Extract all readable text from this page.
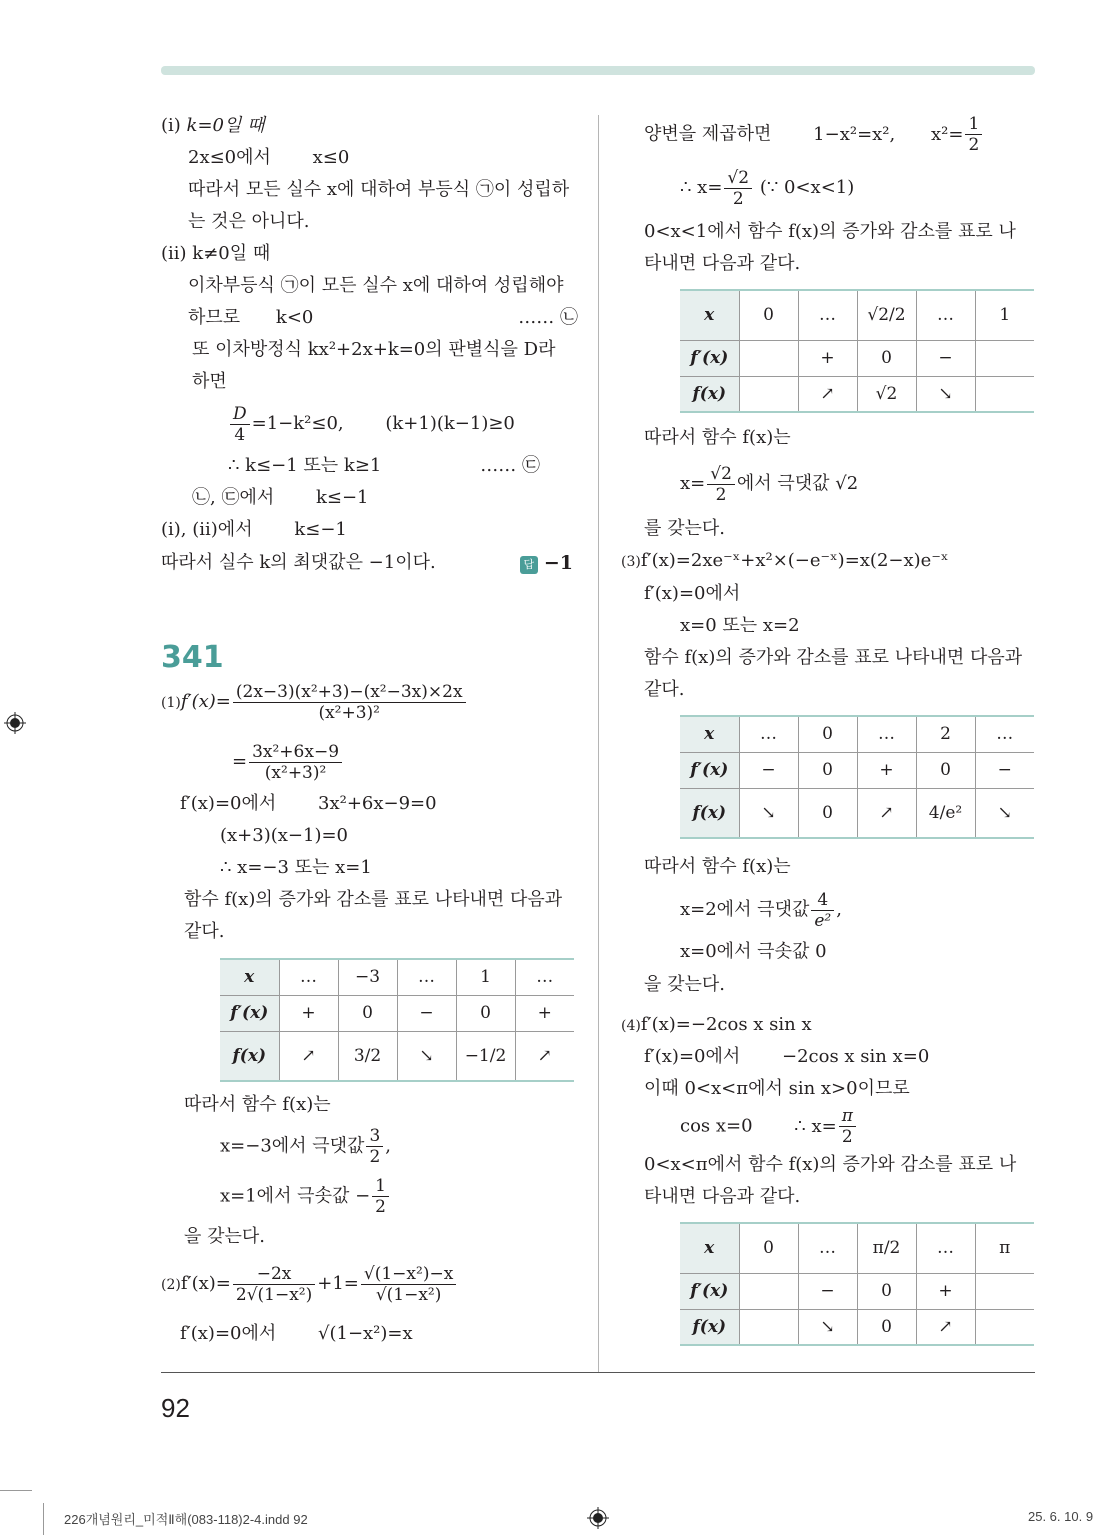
(i) k=0일 때
2x≤0에서 x≤0
따라서 모든 실수 x에 대하여 부등식 ㉠이 성립하
는 것은 아니다.
(ii) k≠0일 때
이차부등식 ㉠이 모든 실수 x에 대하여 성립해야
하므로 k<0	…… ㉡
또 이차방정식 kx²+2x+k=0의 판별식을 D라
하면
$\frac{D}{4} =1-k^2\le 0$, (k+1)(k−1)≥0
∴ k≤−1 또는 k≥1	…… ㉢
㉡, ㉢에서 k≤−1
(i), (ii)에서 k≤−1
따라서 실수 k의 최댓값은 −1이다.	답 −1
341
$(1)f'(x)= \frac{\text{(2x−3)(x²+3)−(x²−3x)×2x}}{\text{(x²+3)²}}$
= $\frac{\text{3x²+6x−9}}{\text{(x²+3)²}}$
f′(x)=0에서 3x²+6x−9=0
(x+3)(x−1)=0
∴ x=−3 또는 x=1
함수 f(x)의 증가와 감소를 표로 나타내면 다음과
같다.
x	…	−3	…	1	…
f′(x)	+	0	−	0	+
f(x)	↗	3/2	↘	−1/2	↗
따라서 함수 f(x)는
x=−3에서 극댓값 $\frac{3}{2}$ ,
x=1에서 극솟값 − $\frac{1}{2}$
을 갖는다.
$(2)f'(x)= \frac{-2x}{\text{2√(1−x²)}} +1= \frac{\text{√(1−x²)−x}}{\text{√(1−x²)}}$
f′(x)=0에서 √(1−x²)=x
양변을 제곱하면 1−x²=x², $x^2= \frac{1}{2}$
∴ $x= \frac{√2}{2}$ (∵ 0<x<1)
0<x<1에서 함수 f(x)의 증가와 감소를 표로 나
타내면 다음과 같다.
x	0	…	√2/2	…	1
f′(x)		+	0	−	
f(x)		↗	√2	↘	
따라서 함수 f(x)는
$x= \frac{√2}{2}$ 에서 극댓값 √2
를 갖는다.
(3)f′(x)=2xe⁻ˣ+x²×(−e⁻ˣ)=x(2−x)e⁻ˣ
f′(x)=0에서
x=0 또는 x=2
함수 f(x)의 증가와 감소를 표로 나타내면 다음과
같다.
x	…	0	…	2	…
f′(x)	−	0	+	0	−
f(x)	↘	0	↗	4/e²	↘
따라서 함수 f(x)는
x=2에서 극댓값 $\frac{4}{\text{e²}}$ ,
x=0에서 극솟값 0
을 갖는다.
(4)f′(x)=−2cos x sin x
f′(x)=0에서 −2cos x sin x=0
이때 0<x<π에서 sin x>0이므로
cos x=0 ∴ $x= \frac{\pi}{2}$
0<x<π에서 함수 f(x)의 증가와 감소를 표로 나
타내면 다음과 같다.
x	0	…	π/2	…	π
f′(x)		−	0	+	
f(x)		↘	0	↗	
92
226개념원리_미적Ⅱ해(083-118)2-4.indd 92	25. 6. 10. 9
